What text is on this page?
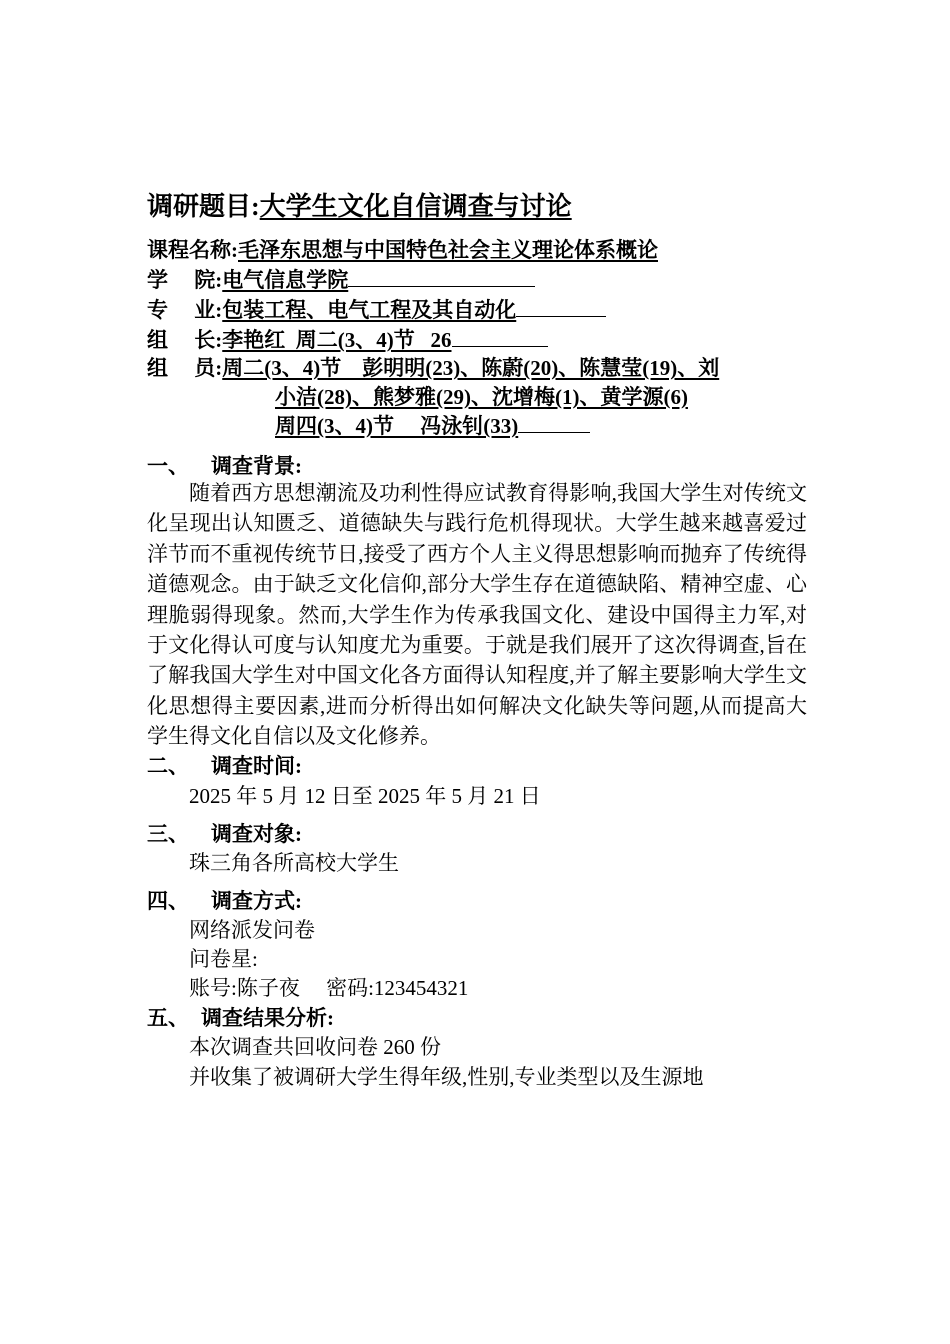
调研题目:大学生文化自信调查与讨论
课程名称:毛泽东思想与中国特色社会主义理论体系概论
学　 院:电气信息学院
专　 业:包装工程、电气工程及其自动化
组　 长:李艳红  周二(3、4)节   26
组　 员:周二(3、4)节    彭明明(23)、陈蔚(20)、陈慧莹(19)、刘
小洁(28)、熊梦雅(29)、沈增梅(1)、黄学源(6)
周四(3、4)节     冯泳钊(33)
一、 调查背景:
随着西方思想潮流及功利性得应试教育得影响,我国大学生对传统文化呈现出认知匮乏、道德缺失与践行危机得现状。大学生越来越喜爱过洋节而不重视传统节日,接受了西方个人主义得思想影响而抛弃了传统得道德观念。由于缺乏文化信仰,部分大学生存在道德缺陷、精神空虚、心理脆弱得现象。然而,大学生作为传承我国文化、建设中国得主力军,对于文化得认可度与认知度尤为重要。于就是我们展开了这次得调查,旨在了解我国大学生对中国文化各方面得认知程度,并了解主要影响大学生文化思想得主要因素,进而分析得出如何解决文化缺失等问题,从而提高大学生得文化自信以及文化修养。
二、 调查时间:
2025 年 5 月 12 日至 2025 年 5 月 21 日
三、 调查对象:
珠三角各所高校大学生
四、 调查方式:
网络派发问卷
问卷星:
账号:陈子夜     密码:123454321
五、 调查结果分析:
本次调查共回收问卷 260 份
并收集了被调研大学生得年级,性别,专业类型以及生源地
